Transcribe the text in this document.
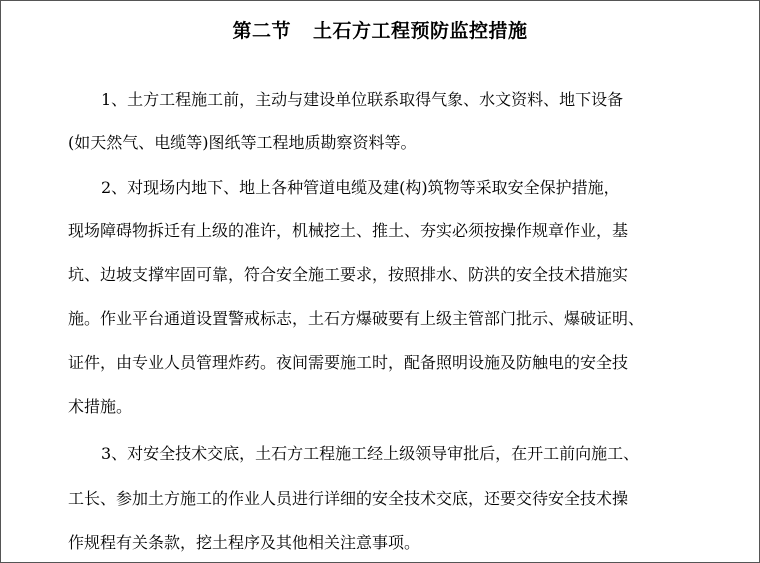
第二节 土石方工程预防监控措施
1、土方工程施工前，主动与建设单位联系取得气象、水文资料、地下设备
(如天然气、电缆等)图纸等工程地质勘察资料等。
2、对现场内地下、地上各种管道电缆及建(构)筑物等采取安全保护措施，
现场障碍物拆迁有上级的准许，机械挖土、推土、夯实必须按操作规章作业，基
坑、边坡支撑牢固可靠，符合安全施工要求，按照排水、防洪的安全技术措施实
施。作业平台通道设置警戒标志，土石方爆破要有上级主管部门批示、爆破证明、
证件，由专业人员管理炸药。夜间需要施工时，配备照明设施及防触电的安全技
术措施。
3、对安全技术交底，土石方工程施工经上级领导审批后，在开工前向施工、
工长、参加土方施工的作业人员进行详细的安全技术交底，还要交待安全技术操
作规程有关条款，挖土程序及其他相关注意事项。
